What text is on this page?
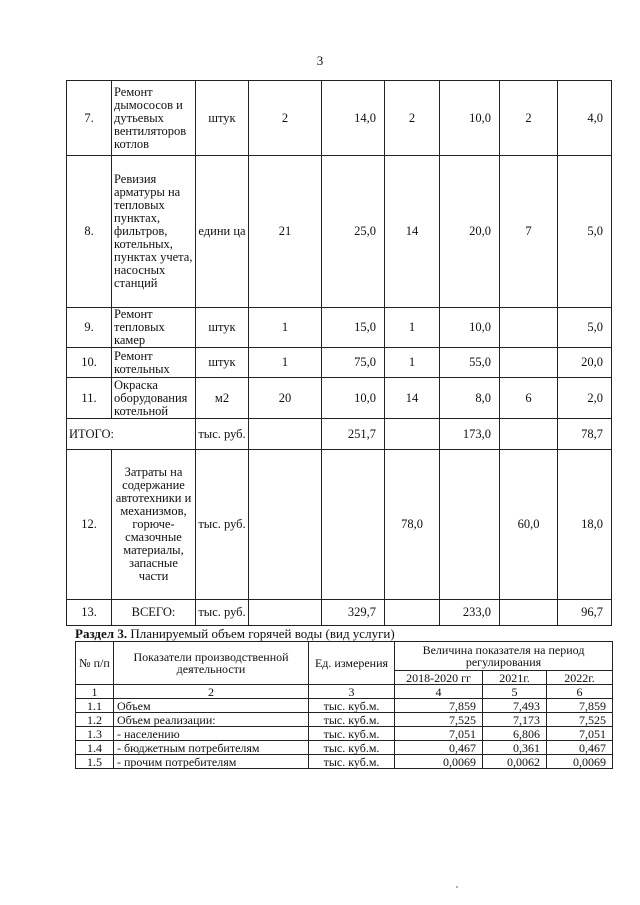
3
7.	Ремонт дымососов и дутьевых вентиляторов котлов	штук	2	14,0	2	10,0	2	4,0
8.	Ревизия арматуры на тепловых пунктах, фильтров, котельных, пунктах учета, насосных станций	едини ца	21	25,0	14	20,0	7	5,0
9.	Ремонт тепловых камер	штук	1	15,0	1	10,0		5,0
10.	Ремонт котельных	штук	1	75,0	1	55,0		20,0
11.	Окраска оборудования котельной	м2	20	10,0	14	8,0	6	2,0
ИТОГО:		тыс. руб.		251,7		173,0		78,7
12.	Затраты на содержание автотехники и механизмов, горюче-смазочные материалы, запасные части	тыс. руб.			78,0		60,0	18,0
13.	ВСЕГО:	тыс. руб.		329,7		233,0		96,7
Раздел 3. Планируемый объем горячей воды (вид услуги)
№ п/п	Показатели производственной деятельности	Ед. измерения	Величина показателя на период регулирования		
			2018-2020 гг	2021г.	2022г.
1	2	3	4	5	6
1.1	Объем	тыс. куб.м.	7,859	7,493	7,859
1.2	Объем реализации:	тыс. куб.м.	7,525	7,173	7,525
1.3	- населению	тыс. куб.м.	7,051	6,806	7,051
1.4	- бюджетным потребителям	тыс. куб.м.	0,467	0,361	0,467
1.5	- прочим потребителям	тыс. куб.м.	0,0069	0,0062	0,0069
